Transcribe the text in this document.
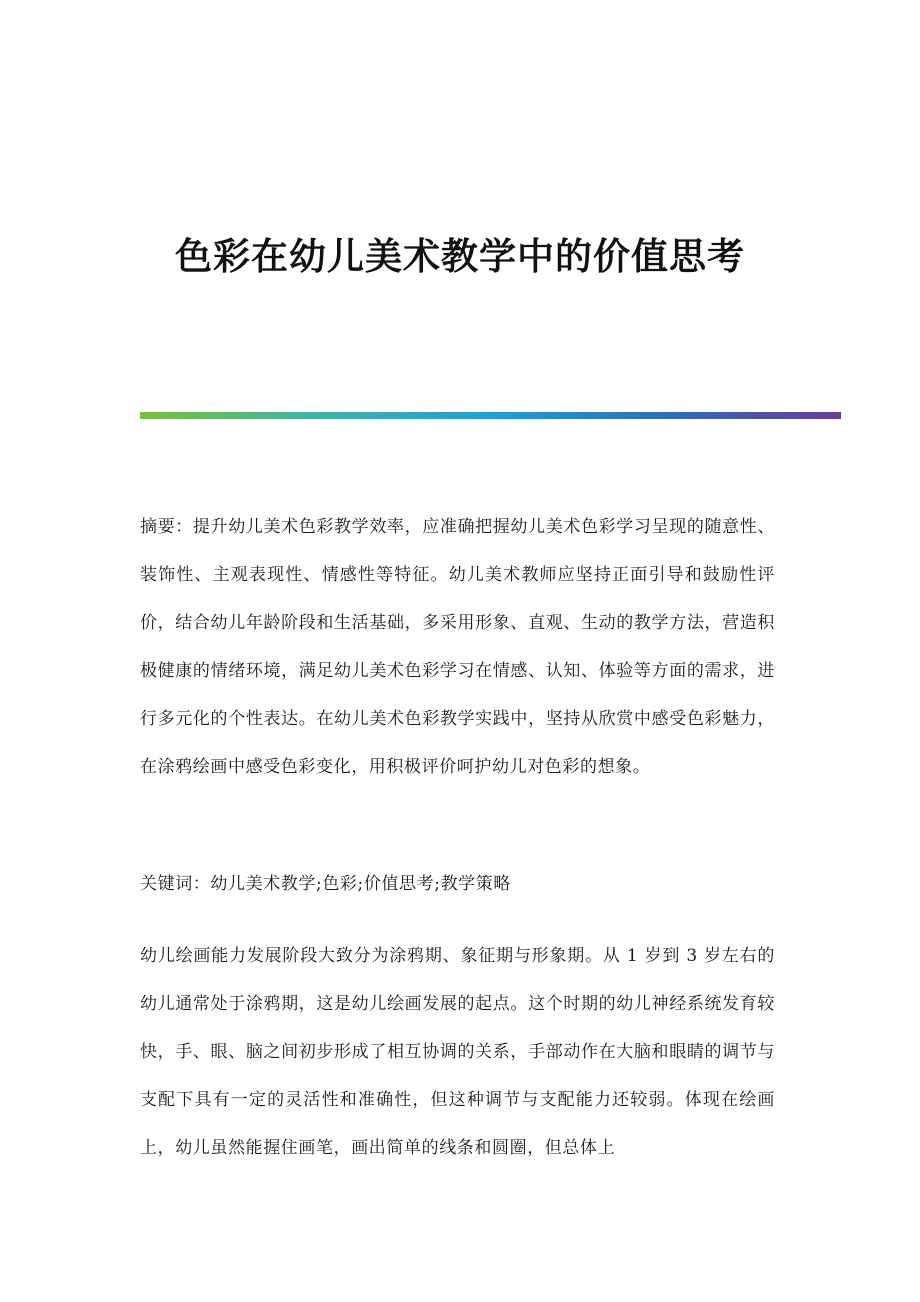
色彩在幼儿美术教学中的价值思考

摘要：提升幼儿美术色彩教学效率，应准确把握幼儿美术色彩学习呈现的随意性、装饰性、主观表现性、情感性等特征。幼儿美术教师应坚持正面引导和鼓励性评价，结合幼儿年龄阶段和生活基础，多采用形象、直观、生动的教学方法，营造积极健康的情绪环境，满足幼儿美术色彩学习在情感、认知、体验等方面的需求，进行多元化的个性表达。在幼儿美术色彩教学实践中，坚持从欣赏中感受色彩魅力，在涂鸦绘画中感受色彩变化，用积极评价呵护幼儿对色彩的想象。

关键词：幼儿美术教学;色彩;价值思考;教学策略

幼儿绘画能力发展阶段大致分为涂鸦期、象征期与形象期。从 1 岁到 3 岁左右的幼儿通常处于涂鸦期，这是幼儿绘画发展的起点。这个时期的幼儿神经系统发育较快，手、眼、脑之间初步形成了相互协调的关系，手部动作在大脑和眼睛的调节与支配下具有一定的灵活性和准确性，但这种调节与支配能力还较弱。体现在绘画上，幼儿虽然能握住画笔，画出简单的线条和圆圈，但总体上
